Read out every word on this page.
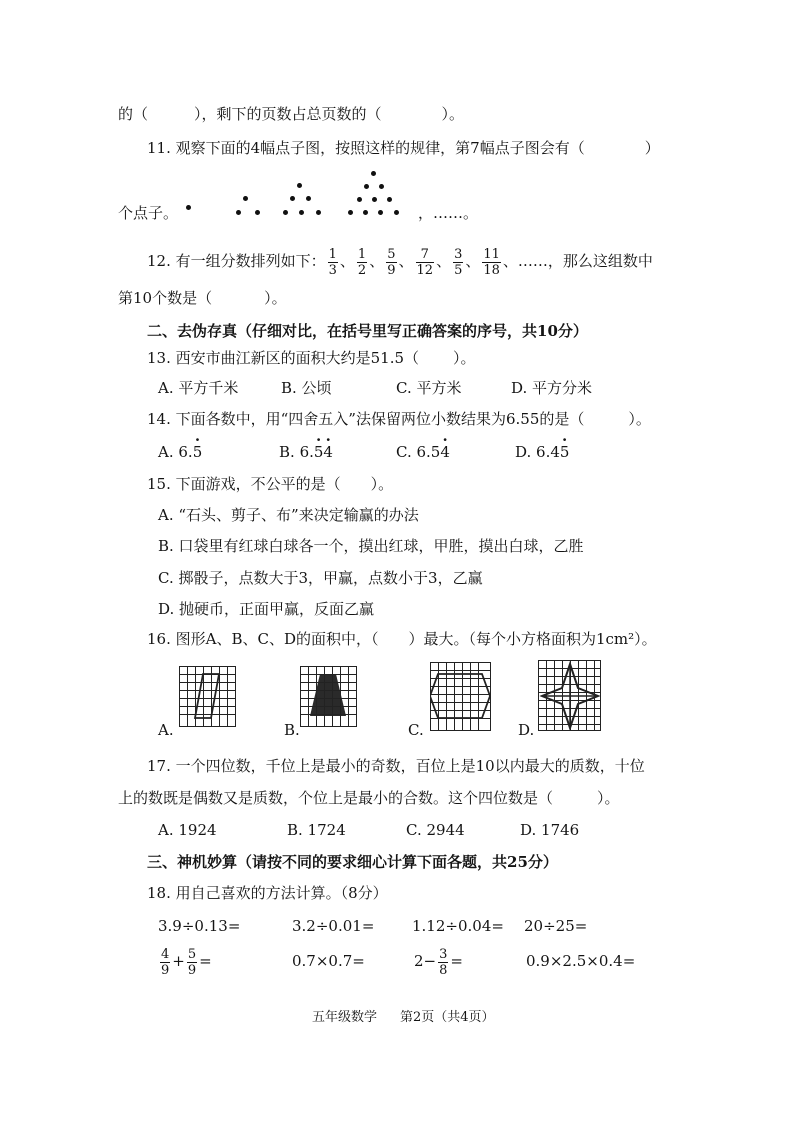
的（	），剩下的页数占总页数的（	）。
11. 观察下面的4幅点子图，按照这样的规律，第7幅点子图会有（	）
个点子。	，……。
12. 有一组分数排列如下： $\frac{1}{3}$ 、 $\frac{1}{2}$ 、 $\frac{5}{9}$ 、 $\frac{7}{12}$ 、 $\frac{3}{5}$ 、 $\frac{11}{18}$ 、……，那么这组数中
第10个数是（	）。
二、去伪存真（仔细对比，在括号里写正确答案的序号，共10分）
13. 西安市曲江新区的面积大约是51.5（ ）。
A. 平方千米	B. 公顷	C. 平方米	D. 平方分米
14. 下面各数中，用“四舍五入”法保留两位小数结果为6.55的是（	）。
A. 6.· 5	B. 6.· 5· 4	C. 6.5· 4	D. 6.4· 5
15. 下面游戏，不公平的是（ ）。
A. “石头、剪子、布”来决定输赢的办法
B. 口袋里有红球白球各一个，摸出红球，甲胜，摸出白球，乙胜
C. 掷骰子，点数大于3，甲赢，点数小于3，乙赢
D. 抛硬币，正面甲赢，反面乙赢
16. 图形A、B、C、D的面积中，（ ）最大。（每个小方格面积为1cm²）。
A.	B.	C.	D.
17. 一个四位数，千位上是最小的奇数，百位上是10以内最大的质数，十位
上的数既是偶数又是质数，个位上是最小的合数。这个四位数是（	）。
A. 1924	B. 1724	C. 2944	D. 1746
三、神机妙算（请按不同的要求细心计算下面各题，共25分）
18. 用自己喜欢的方法计算。（8分）
3.9÷0.13=	3.2÷0.01=	1.12÷0.04= 20÷25=
$\frac{4}{9} + \frac{5}{9}$ =	0.7×0.7=	$2- \frac{3}{8}$ =	0.9×2.5×0.4=
五年级数学 第2页（共4页）
